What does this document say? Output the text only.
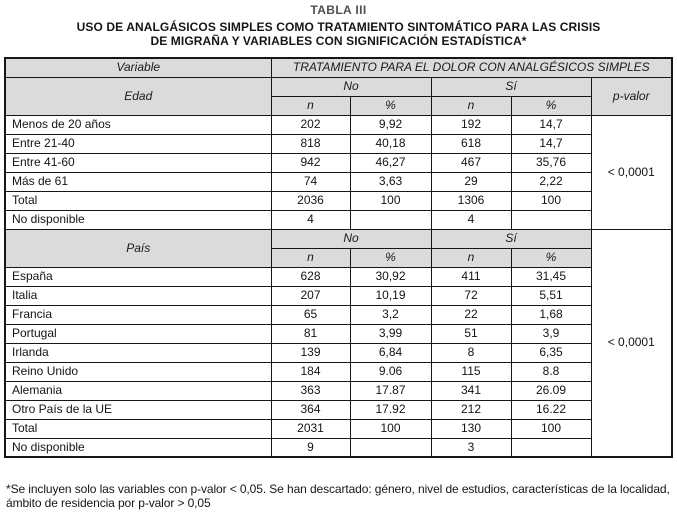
TABLA III
USO DE ANALGÁSICOS SIMPLES COMO TRATAMIENTO SINTOMÁTICO PARA LAS CRISIS
DE MIGRAÑA Y VARIABLES CON SIGNIFICACIÓN ESTADÍSTICA*
Variable	TRATAMIENTO PARA EL DOLOR CON ANALGÉSICOS SIMPLES				
Edad	No		Sí		p-valor
	n	%	n	%	
Menos de 20 años	202	9,92	192	14,7	< 0,0001
Entre 21-40	818	40,18	618	14,7	
Entre 41-60	942	46,27	467	35,76	
Más de 61	74	3,63	29	2,22	
Total	2036	100	1306	100	
No disponible	4		4		
País	No		Sí		< 0,0001
	n	%	n	%	
España	628	30,92	411	31,45	
Italia	207	10,19	72	5,51	
Francia	65	3,2	22	1,68	
Portugal	81	3,99	51	3,9	
Irlanda	139	6,84	8	6,35	
Reino Unido	184	9.06	115	8.8	
Alemania	363	17.87	341	26.09	
Otro País de la UE	364	17.92	212	16.22	
Total	2031	100	130	100	
No disponible	9		3		
*Se incluyen solo las variables con p-valor < 0,05. Se han descartado: género, nivel de estudios, características de la localidad, ámbito de residencia por p-valor > 0,05
